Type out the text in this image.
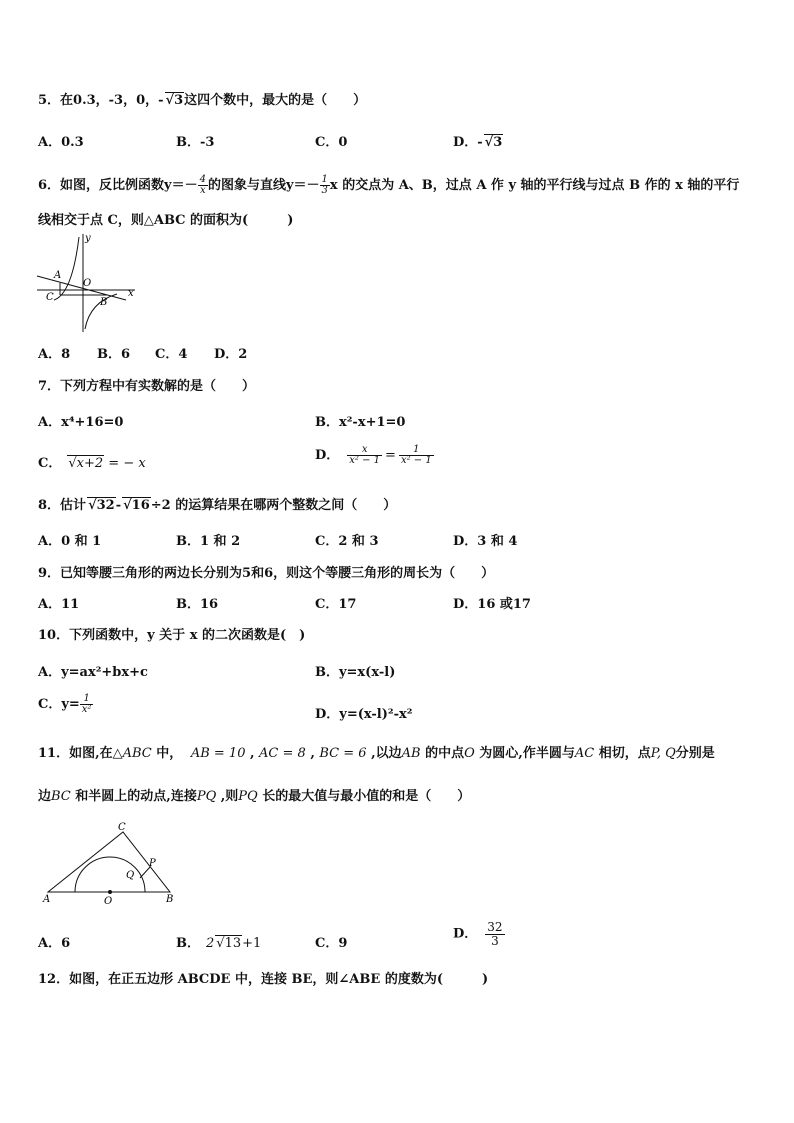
5．在0.3，-3，0，- √3这四个数中，最大的是（　　）
A．0.3	B．-3	C．0	D．- √3
6．如图，反比例函数$y=- \frac{4}{x}$ 的图象与直线$y=- \frac{1}{3}$ x 的交点为 A、B，过点 A 作 y 轴的平行线与过点 B 作的 x 轴的平行
线相交于点 C，则△ABC 的面积为(　　　)
y
x
A
O
C	B
A．8 B．6 C．4 D．2
7．下列方程中有实数解的是（　　）
A．x⁴+16=0	B．x²-x+1=0
C． √x+2 = − x
D． $\frac{x}{\text{x² − 1}} = \frac{1}{\text{x² − 1}}$
8．估计 √32- √16÷2 的运算结果在哪两个整数之间（　　）
A．0 和 1	B．1 和 2	C．2 和 3	D．3 和 4
9．已知等腰三角形的两边长分别为5和6，则这个等腰三角形的周长为（　　）
A．11	B．16	C．17	D．16 或17
10．下列函数中，y 关于 x 的二次函数是(　)
A．y=ax²+bx+c	B．y=x(x-l)
C．$y= \frac{1}{\text{x²}}$	D．y=(x-l)²-x²
11．如图,在△ABC 中， AB = 10 , AC = 8 , BC = 6 ,以边AB 的中点O 为圆心,作半圆与AC 相切，点P, Q分别是
边BC 和半圆上的动点,连接PQ ,则PQ 长的最大值与最小值的和是（　　）
A	B
C
O
P
Q
A．6	B． 2 √13+1	C．9
D． $\frac{32}{3}$
12．如图，在正五边形 ABCDE 中，连接 BE，则∠ABE 的度数为(　　　)
